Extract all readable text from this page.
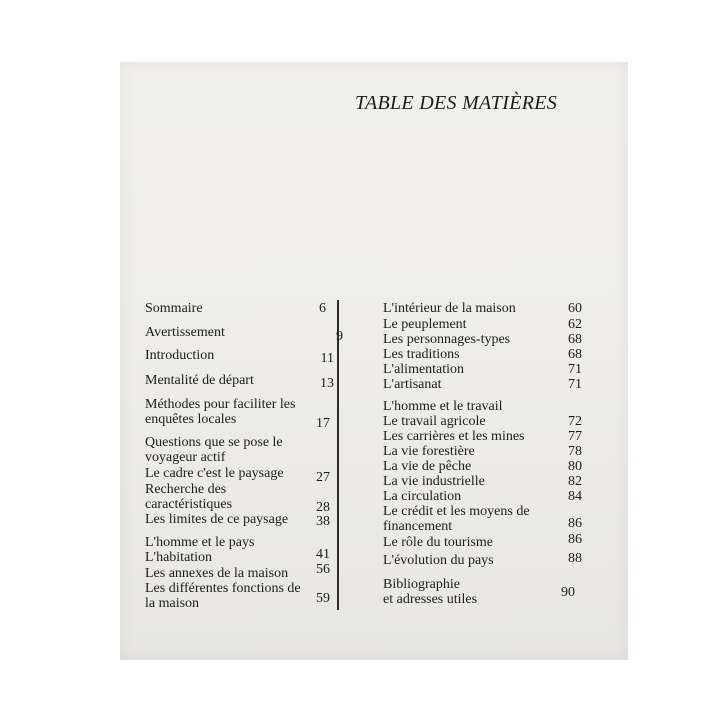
TABLE DES MATIÈRES
Sommaire	6
Avertissement	9
Introduction	11
Mentalité de départ	13
Méthodes pour faciliter les
enquêtes locales	17
Questions que se pose le
voyageur actif
Le cadre c'est le paysage	27
Recherche des
caractéristiques	28
Les limites de ce paysage	38
L'homme et le pays
L'habitation	41
Les annexes de la maison	56
Les différentes fonctions de
la maison	59
L'intérieur de la maison	60
Le peuplement	62
Les personnages-types	68
Les traditions	68
L'alimentation	71
L'artisanat	71
L'homme et le travail
Le travail agricole	72
Les carrières et les mines	77
La vie forestière	78
La vie de pêche	80
La vie industrielle	82
La circulation	84
Le crédit et les moyens de
financement	86
Le rôle du tourisme	86
L'évolution du pays	88
Bibliographie
et adresses utiles	90
